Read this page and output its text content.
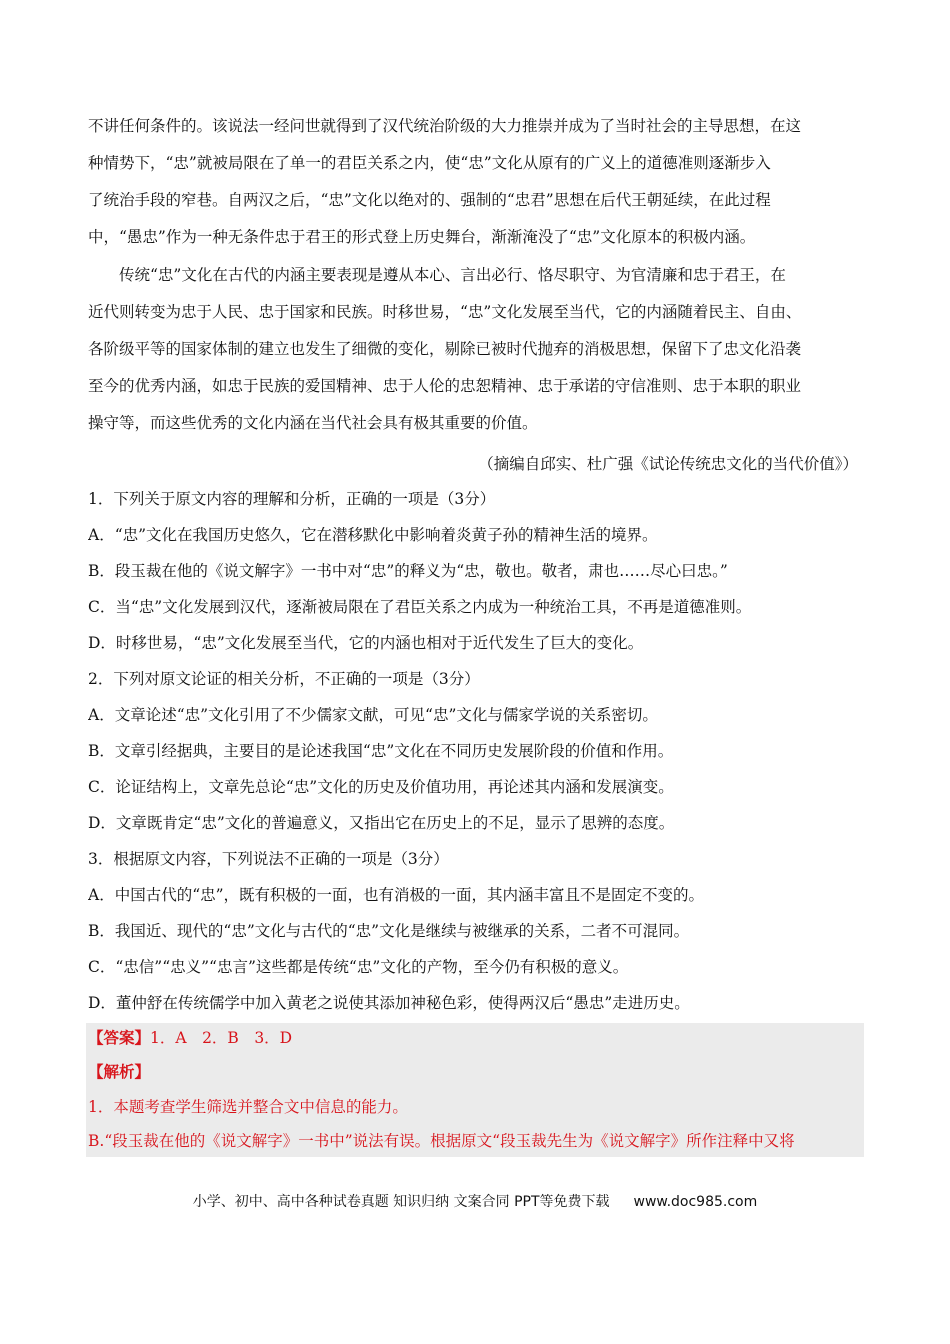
不讲任何条件的。该说法一经问世就得到了汉代统治阶级的大力推崇并成为了当时社会的主导思想，在这
种情势下，“忠”就被局限在了单一的君臣关系之内，使“忠”文化从原有的广义上的道德准则逐渐步入
了统治手段的窄巷。自两汉之后，“忠”文化以绝对的、强制的“忠君”思想在后代王朝延续，在此过程
中，“愚忠”作为一种无条件忠于君王的形式登上历史舞台，渐渐淹没了“忠”文化原本的积极内涵。
传统“忠”文化在古代的内涵主要表现是遵从本心、言出必行、恪尽职守、为官清廉和忠于君王，在
近代则转变为忠于人民、忠于国家和民族。时移世易，“忠”文化发展至当代，它的内涵随着民主、自由、
各阶级平等的国家体制的建立也发生了细微的变化，剔除已被时代抛弃的消极思想，保留下了忠文化沿袭
至今的优秀内涵，如忠于民族的爱国精神、忠于人伦的忠恕精神、忠于承诺的守信准则、忠于本职的职业
操守等，而这些优秀的文化内涵在当代社会具有极其重要的价值。
（摘编自邱实、杜广强《试论传统忠文化的当代价值》）
1．下列关于原文内容的理解和分析，正确的一项是（3分）
A．“忠”文化在我国历史悠久，它在潜移默化中影响着炎黄子孙的精神生活的境界。
B．段玉裁在他的《说文解字》一书中对“忠”的释义为“忠，敬也。敬者，肃也……尽心曰忠。”
C．当“忠”文化发展到汉代，逐渐被局限在了君臣关系之内成为一种统治工具，不再是道德准则。
D．时移世易，“忠”文化发展至当代，它的内涵也相对于近代发生了巨大的变化。
2．下列对原文论证的相关分析，不正确的一项是（3分）
A．文章论述“忠”文化引用了不少儒家文献，可见“忠”文化与儒家学说的关系密切。
B．文章引经据典，主要目的是论述我国“忠”文化在不同历史发展阶段的价值和作用。
C．论证结构上，文章先总论“忠”文化的历史及价值功用，再论述其内涵和发展演变。
D．文章既肯定“忠”文化的普遍意义，又指出它在历史上的不足，显示了思辨的态度。
3．根据原文内容，下列说法不正确的一项是（3分）
A．中国古代的“忠”，既有积极的一面，也有消极的一面，其内涵丰富且不是固定不变的。
B．我国近、现代的“忠”文化与古代的“忠”文化是继续与被继承的关系，二者不可混同。
C．“忠信”“忠义”“忠言”这些都是传统“忠”文化的产物，至今仍有积极的意义。
D．董仲舒在传统儒学中加入黄老之说使其添加神秘色彩，使得两汉后“愚忠”走进历史。
【答案】1．A　2．B　3．D
【解析】
1．本题考查学生筛选并整合文中信息的能力。
B.“段玉裁在他的《说文解字》一书中”说法有误。根据原文“段玉裁先生为《说文解字》所作注释中又将
小学、初中、高中各种试卷真题 知识归纳 文案合同 PPT等免费下载 www.doc985.com
